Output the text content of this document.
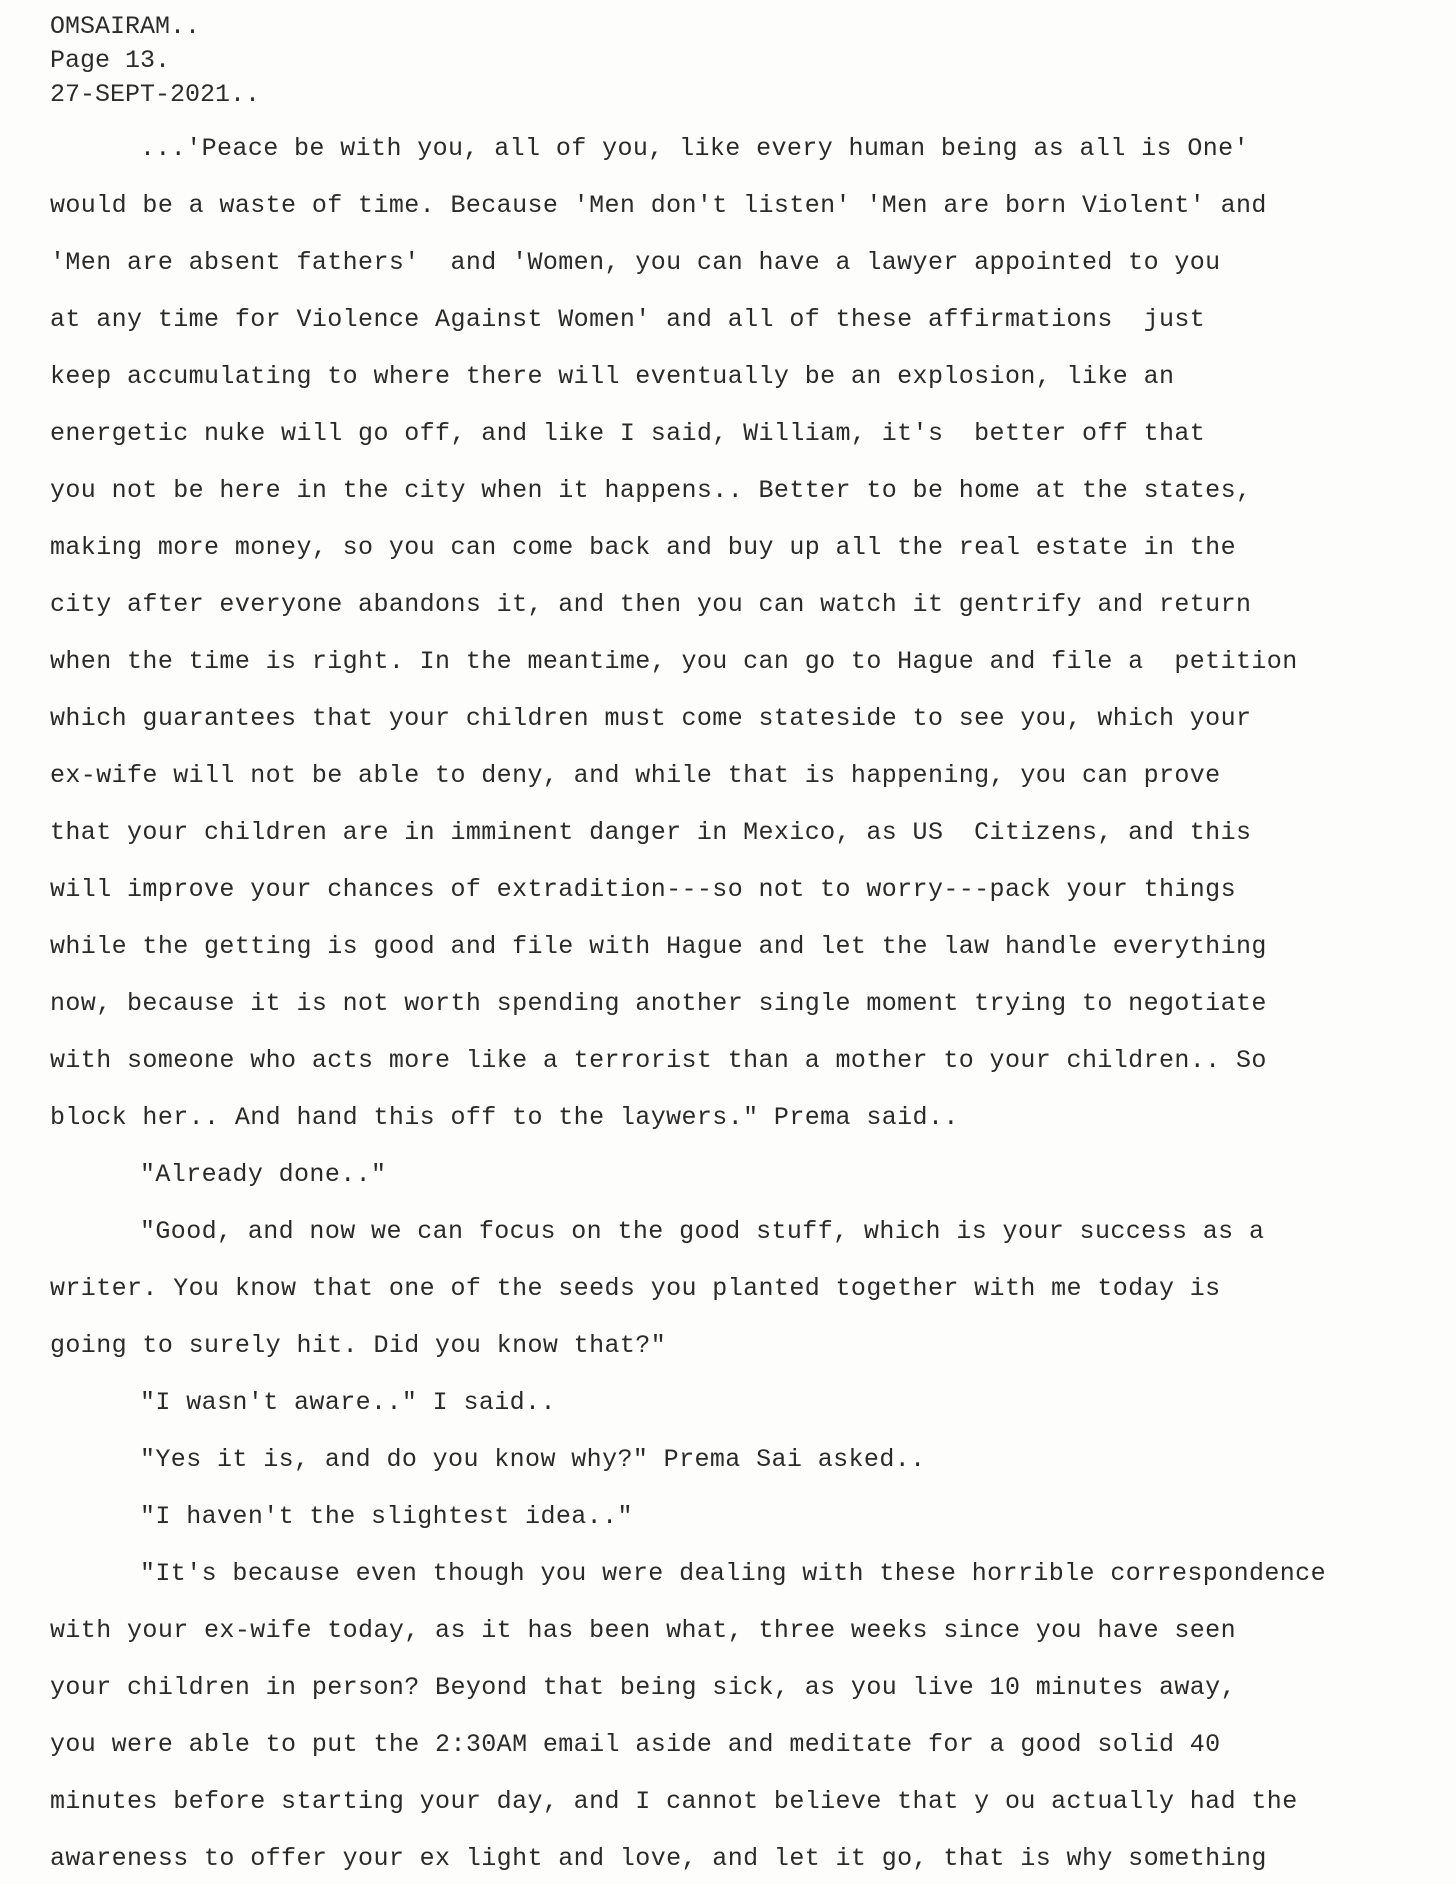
OMSAIRAM..
Page 13.
27-SEPT-2021..
...'Peace be with you, all of you, like every human being as all is One'
would be a waste of time. Because 'Men don't listen' 'Men are born Violent' and
'Men are absent fathers'  and 'Women, you can have a lawyer appointed to you
at any time for Violence Against Women' and all of these affirmations  just
keep accumulating to where there will eventually be an explosion, like an
energetic nuke will go off, and like I said, William, it's  better off that
you not be here in the city when it happens.. Better to be home at the states,
making more money, so you can come back and buy up all the real estate in the
city after everyone abandons it, and then you can watch it gentrify and return
when the time is right. In the meantime, you can go to Hague and file a  petition
which guarantees that your children must come stateside to see you, which your
ex-wife will not be able to deny, and while that is happening, you can prove
that your children are in imminent danger in Mexico, as US  Citizens, and this
will improve your chances of extradition---so not to worry---pack your things
while the getting is good and file with Hague and let the law handle everything
now, because it is not worth spending another single moment trying to negotiate
with someone who acts more like a terrorist than a mother to your children.. So
block her.. And hand this off to the laywers." Prema said..
"Already done.."
"Good, and now we can focus on the good stuff, which is your success as a
writer. You know that one of the seeds you planted together with me today is
going to surely hit. Did you know that?"
"I wasn't aware.." I said..
"Yes it is, and do you know why?" Prema Sai asked..
"I haven't the slightest idea.."
"It's because even though you were dealing with these horrible correspondence
with your ex-wife today, as it has been what, three weeks since you have seen
your children in person? Beyond that being sick, as you live 10 minutes away,
you were able to put the 2:30AM email aside and meditate for a good solid 40
minutes before starting your day, and I cannot believe that y ou actually had the
awareness to offer your ex light and love, and let it go, that is why something
